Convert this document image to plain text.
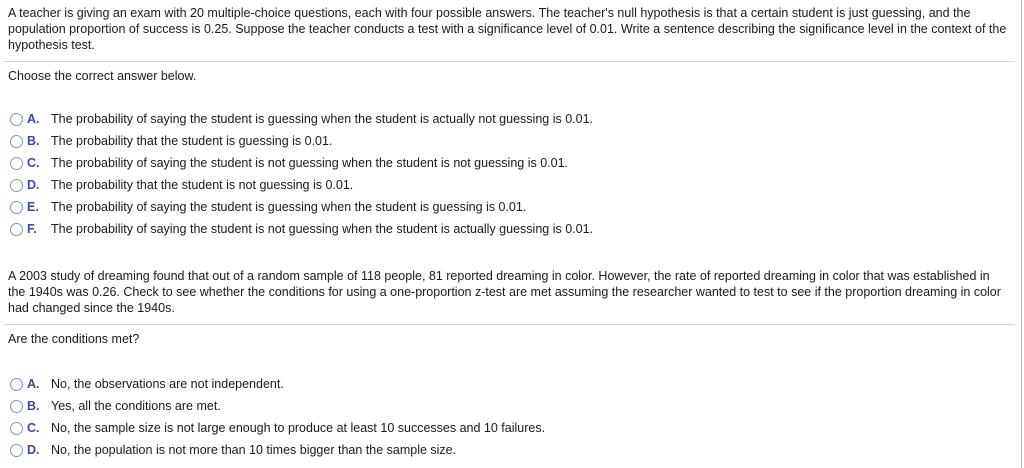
A teacher is giving an exam with 20 multiple-choice questions, each with four possible answers. The teacher's null hypothesis is that a certain student is just guessing, and the population proportion of success is 0.25. Suppose the teacher conducts a test with a significance level of 0.01. Write a sentence describing the significance level in the context of the hypothesis test.
Choose the correct answer below.
A. The probability of saying the student is guessing when the student is actually not guessing is 0.01.
B. The probability that the student is guessing is 0.01.
C. The probability of saying the student is not guessing when the student is not guessing is 0.01.
D. The probability that the student is not guessing is 0.01.
E. The probability of saying the student is guessing when the student is guessing is 0.01.
F.	The probability of saying the student is not guessing when the student is actually guessing is 0.01.
A 2003 study of dreaming found that out of a random sample of 118 people, 81 reported dreaming in color. However, the rate of reported dreaming in color that was established in the 1940s was 0.26. Check to see whether the conditions for using a one-proportion z-test are met assuming the researcher wanted to test to see if the proportion dreaming in color had changed since the 1940s.
Are the conditions met?
A. No, the observations are not independent.
B. Yes, all the conditions are met.
C. No, the sample size is not large enough to produce at least 10 successes and 10 failures.
D. No, the population is not more than 10 times bigger than the sample size.
